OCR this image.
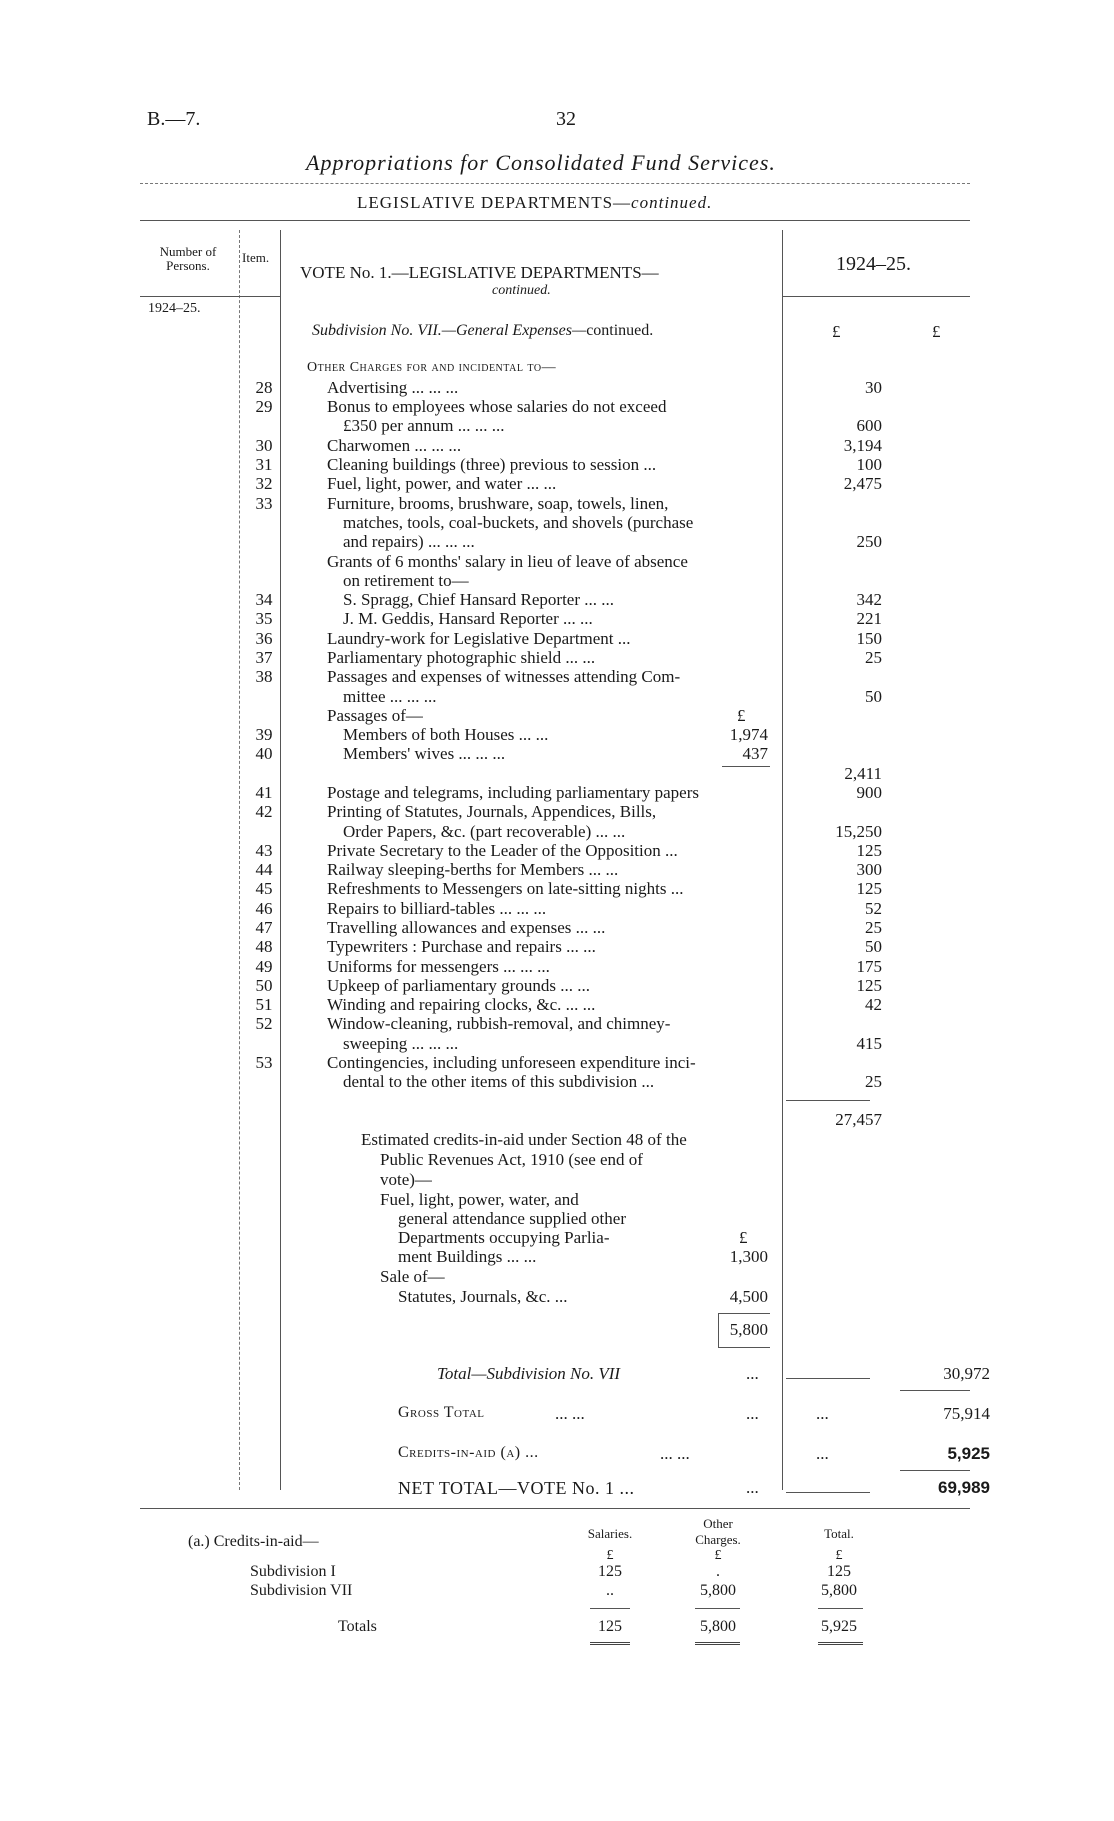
B.—7.	32
Appropriations for Consolidated Fund Services.
LEGISLATIVE DEPARTMENTS—continued.
Number of Persons.
Item.
1924–25.
VOTE No. 1.—LEGISLATIVE DEPARTMENTS—
continued.
1924–25.
£	£
Subdivision No. VII.—General Expenses—continued.
Other Charges for and incidental to—
28	Advertising ... ... ...	30
29	Bonus to employees whose salaries do not exceed
£350 per annum ... ... ...	600
30	Charwomen ... ... ...	3,194
31	Cleaning buildings (three) previous to session ...	100
32	Fuel, light, power, and water ... ...	2,475
33	Furniture, brooms, brushware, soap, towels, linen,
matches, tools, coal-buckets, and shovels (purchase
and repairs) ... ... ...	250
Grants of 6 months' salary in lieu of leave of absence
on retirement to—
34	S. Spragg, Chief Hansard Reporter ... ...	342
35	J. M. Geddis, Hansard Reporter ... ...	221
36	Laundry-work for Legislative Department ...	150
37	Parliamentary photographic shield ... ...	25
38	Passages and expenses of witnesses attending Com-
mittee ... ... ...	50
Passages of—	£
39	Members of both Houses ... ...	1,974
40	Members' wives ... ... ...	437
2,411
41	Postage and telegrams, including parliamentary papers	900
42	Printing of Statutes, Journals, Appendices, Bills,
Order Papers, &c. (part recoverable) ... ...	15,250
43	Private Secretary to the Leader of the Opposition ...	125
44	Railway sleeping-berths for Members ... ...	300
45	Refreshments to Messengers on late-sitting nights ...	125
46	Repairs to billiard-tables ... ... ...	52
47	Travelling allowances and expenses ... ...	25
48	Typewriters : Purchase and repairs ... ...	50
49	Uniforms for messengers ... ... ...	175
50	Upkeep of parliamentary grounds ... ...	125
51	Winding and repairing clocks, &c. ... ...	42
52	Window-cleaning, rubbish-removal, and chimney-
sweeping ... ... ...	415
53	Contingencies, including unforeseen expenditure inci-
dental to the other items of this subdivision ...	25
27,457
Estimated credits-in-aid under Section 48 of the
Public Revenues Act, 1910 (see end of
vote)—
Fuel, light, power, water, and
general attendance supplied other
Departments occupying Parlia-	£
ment Buildings ... ...	1,300
Sale of—
Statutes, Journals, &c. ...	4,500
5,800
Total—Subdivision No. VII	...	30,972
Gross Total	... ...	...	...	75,914
Credits-in-aid (a) ...	... ...	...	5,925
NET TOTAL—VOTE No. 1 ...	...	69,989
(a.) Credits-in-aid—	Salaries.
Other
Charges.	Total.
£	£	£
Subdivision I	125	.	125
Subdivision VII	..	5,800	5,800
Totals	125	5,800	5,925
